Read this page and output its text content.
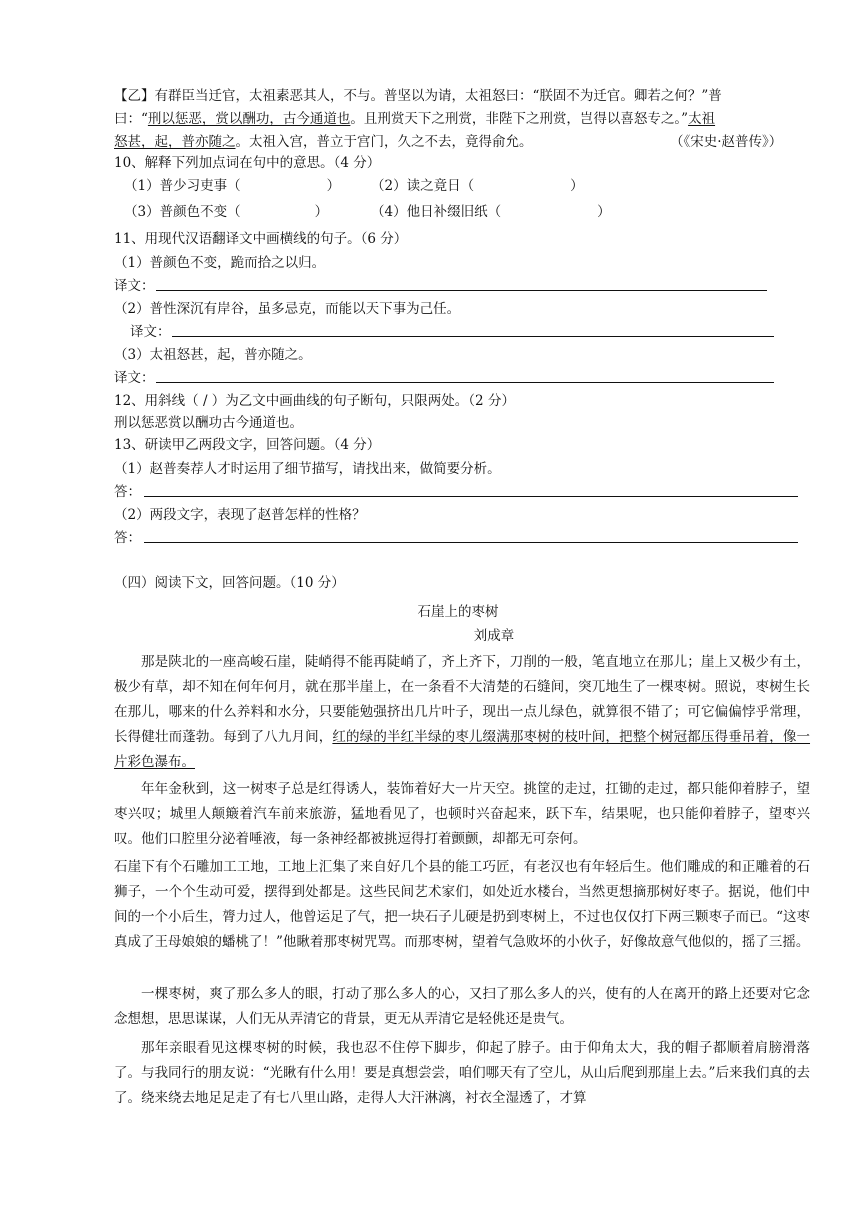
【乙】有群臣当迁官，太祖素恶其人，不与。普坚以为请，太祖怒曰：“朕固不为迁官。卿若之何？”普
曰：“刑以惩恶，赏以酬功，古今通道也。且刑赏天下之刑赏，非陛下之刑赏，岂得以喜怒专之。”太祖
怒甚，起，普亦随之。太祖入宫，普立于宫门，久之不去，竟得俞允。	（《宋史·赵普传》）
10、解释下列加点词在句中的意思。（4 分）
（1）普少习吏事（	） （2）读之竟日（	）
（3）普颜色不变（	）	（4）他日补缀旧纸（	）
11、用现代汉语翻译文中画横线的句子。（6 分）
（1）普颜色不变，跪而拾之以归。
译文：
（2）普性深沉有岸谷，虽多忌克，而能以天下事为己任。
译文：
（3）太祖怒甚，起，普亦随之。
译文：
12、用斜线（ / ）为乙文中画曲线的句子断句，只限两处。（2 分）
刑以惩恶赏以酬功古今通道也。
13、研读甲乙两段文字，回答问题。（4 分）
（1）赵普奏荐人才时运用了细节描写，请找出来，做简要分析。
答：
（2）两段文字，表现了赵普怎样的性格？
答：
（四）阅读下文，回答问题。（10 分）
石崖上的枣树
刘成章
那是陕北的一座高峻石崖，陡峭得不能再陡峭了，齐上齐下，刀削的一般，笔直地立在那儿；崖上又极少有土，极少有草，却不知在何年何月，就在那半崖上，在一条看不大清楚的石缝间，突兀地生了一棵枣树。照说，枣树生长在那儿，哪来的什么养料和水分，只要能勉强挤出几片叶子，现出一点儿绿色，就算很不错了；可它偏偏悖乎常理，长得健壮而蓬勃。每到了八九月间，红的绿的半红半绿的枣儿缀满那枣树的枝叶间，把整个树冠都压得垂吊着，像一片彩色瀑布。
年年金秋到，这一树枣子总是红得诱人，装饰着好大一片天空。挑筐的走过，扛锄的走过，都只能仰着脖子，望枣兴叹；城里人颠簸着汽车前来旅游，猛地看见了，也顿时兴奋起来，跃下车，结果呢，也只能仰着脖子，望枣兴叹。他们口腔里分泌着唾液，每一条神经都被挑逗得打着颤颤，却都无可奈何。
石崖下有个石雕加工工地，工地上汇集了来自好几个县的能工巧匠，有老汉也有年轻后生。他们雕成的和正雕着的石狮子，一个个生动可爱，摆得到处都是。这些民间艺术家们，如处近水楼台，当然更想摘那树好枣子。据说，他们中间的一个小后生，膂力过人，他曾运足了气，把一块石子儿硬是扔到枣树上，不过也仅仅打下两三颗枣子而已。“这枣真成了王母娘娘的蟠桃了！”他瞅着那枣树咒骂。而那枣树，望着气急败坏的小伙子，好像故意气他似的，摇了三摇。
一棵枣树，爽了那么多人的眼，打动了那么多人的心，又扫了那么多人的兴，使有的人在离开的路上还要对它念念想想，思思谋谋，人们无从弄清它的背景，更无从弄清它是轻佻还是贵气。
那年亲眼看见这棵枣树的时候，我也忍不住停下脚步，仰起了脖子。由于仰角太大，我的帽子都顺着肩膀滑落了。与我同行的朋友说：“光瞅有什么用！要是真想尝尝，咱们哪天有了空儿，从山后爬到那崖上去。”后来我们真的去了。绕来绕去地足足走了有七八里山路，走得人大汗淋漓，衬衣全湿透了，才算
